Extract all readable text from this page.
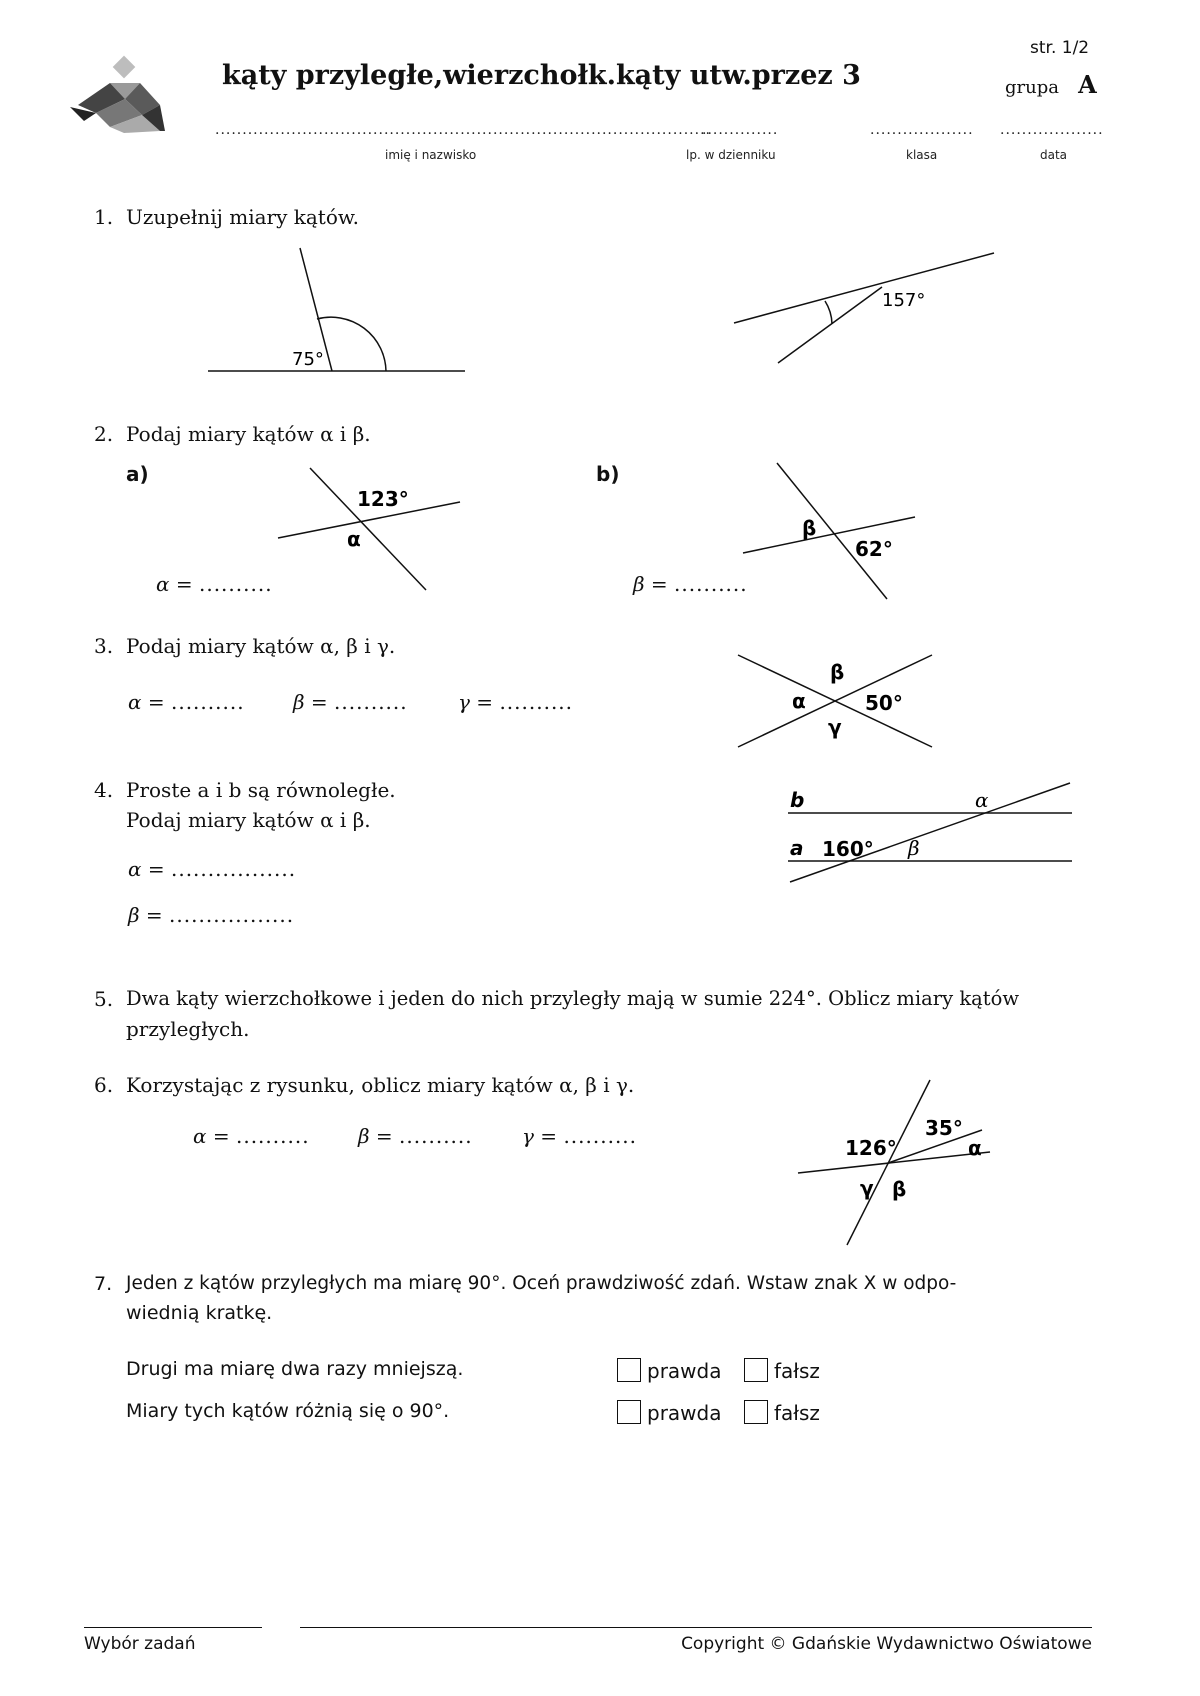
kąty przyległe,wierzchołk.kąty utw.przez 3
str. 1/2
grupa A
...........................................................................................
..............	................... ...................
imię i nazwisko	lp. w dzienniku	klasa	data
1. Uzupełnij miary kątów.
75°
157°
2. Podaj miary kątów α i β.
a)	b)
123°
α
α = ..........
β
62°
β = ..........
3. Podaj miary kątów α, β i γ.
α = .......... β = ..........	γ = ..........
β
α	50°
γ
4. Proste a i b są równoległe.
Podaj miary kątów α i β.
α = .................
β = .................
b
a 160°
α
β
5. Dwa kąty wierzchołkowe i jeden do nich przyległy mają w sumie 224°. Oblicz miary kątów
przyległych.
6. Korzystając z rysunku, oblicz miary kątów α, β i γ.
α = .......... β = .......... γ = ..........	126°
35°
α
γ β
7. Jeden z kątów przyległych ma miarę 90°. Oceń prawdziwość zdań. Wstaw znak X w odpo-
wiednią kratkę.
Drugi ma miarę dwa razy mniejszą.	prawda	fałsz
Miary tych kątów różnią się o 90°.	prawda	fałsz
Wybór zadań	Copyright © Gdańskie Wydawnictwo Oświatowe
